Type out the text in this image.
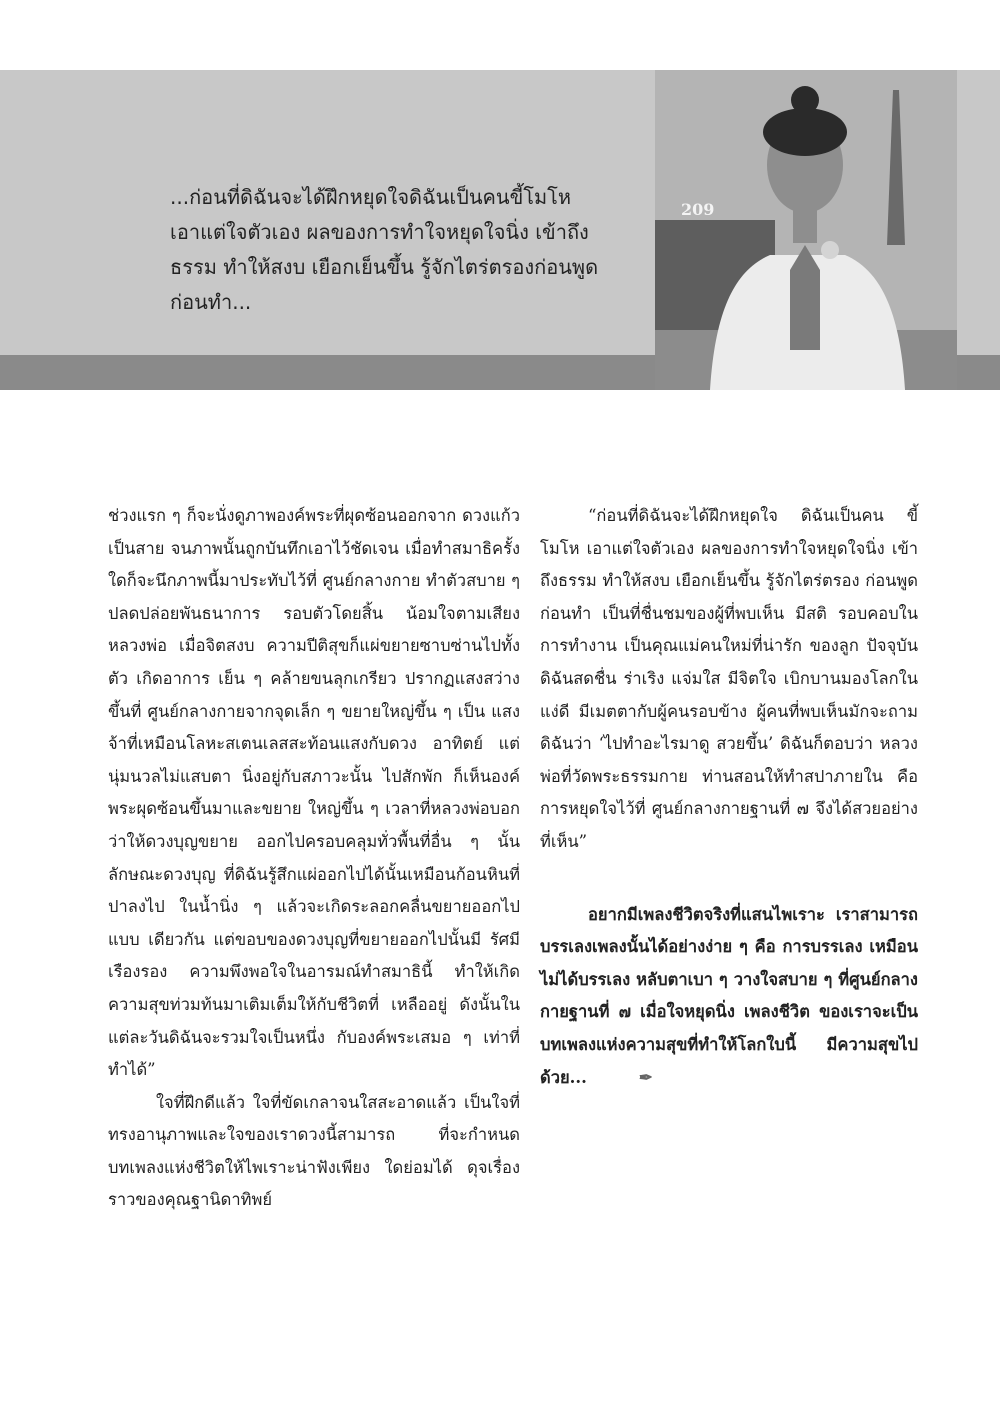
...ก่อนที่ดิฉันจะได้ฝึกหยุดใจดิฉันเป็นคนขี้โมโห
เอาแต่ใจตัวเอง ผลของการทำใจหยุดใจนิ่ง เข้าถึง
ธรรม ทำให้สงบ เยือกเย็นขึ้น รู้จักไตร่ตรองก่อนพูด
ก่อนทำ...
209

ช่วงแรก ๆ ก็จะนั่งดูภาพองค์พระที่ผุดซ้อนออกจาก ดวงแก้วเป็นสาย จนภาพนั้นถูกบันทึกเอาไว้ชัดเจน เมื่อทำสมาธิครั้งใดก็จะนึกภาพนี้มาประทับไว้ที่ ศูนย์กลางกาย ทำตัวสบาย ๆ ปลดปล่อยพันธนาการ รอบตัวโดยสิ้น น้อมใจตามเสียงหลวงพ่อ เมื่อจิตสงบ ความปีติสุขก็แผ่ขยายซาบซ่านไปทั้งตัว เกิดอาการ เย็น ๆ คล้ายขนลุกเกรียว ปรากฏแสงสว่างขึ้นที่ ศูนย์กลางกายจากจุดเล็ก ๆ ขยายใหญ่ขึ้น ๆ เป็น แสงจ้าที่เหมือนโลหะสเตนเลสสะท้อนแสงกับดวง อาทิตย์ แต่นุ่มนวลไม่แสบตา นิ่งอยู่กับสภาวะนั้น ไปสักพัก ก็เห็นองค์พระผุดซ้อนขึ้นมาและขยาย ใหญ่ขึ้น ๆ เวลาที่หลวงพ่อบอกว่าให้ดวงบุญขยาย ออกไปครอบคลุมทั่วพื้นที่อื่น ๆ นั้น ลักษณะดวงบุญ ที่ดิฉันรู้สึกแผ่ออกไปได้นั้นเหมือนก้อนหินที่ปาลงไป ในน้ำนิ่ง ๆ แล้วจะเกิดระลอกคลื่นขยายออกไปแบบ เดียวกัน แต่ขอบของดวงบุญที่ขยายออกไปนั้นมี รัศมีเรืองรอง ความพึงพอใจในอารมณ์ทำสมาธินี้ ทำให้เกิดความสุขท่วมท้นมาเติมเต็มให้กับชีวิตที่ เหลืออยู่ ดังนั้นในแต่ละวันดิฉันจะรวมใจเป็นหนึ่ง กับองค์พระเสมอ ๆ เท่าที่ทำได้”

ใจที่ฝึกดีแล้ว ใจที่ขัดเกลาจนใสสะอาดแล้ว เป็นใจที่ทรงอานุภาพและใจของเราดวงนี้สามารถ	ที่จะกำหนดบทเพลงแห่งชีวิตให้ไพเราะน่าฟังเพียง ใดย่อมได้ ดุจเรื่องราวของคุณฐานิดาทิพย์

“ก่อนที่ดิฉันจะได้ฝึกหยุดใจ ดิฉันเป็นคน ขี้โมโห เอาแต่ใจตัวเอง ผลของการทำใจหยุดใจนิ่ง เข้าถึงธรรม ทำให้สงบ เยือกเย็นขึ้น รู้จักไตร่ตรอง ก่อนพูด ก่อนทำ เป็นที่ชื่นชมของผู้ที่พบเห็น มีสติ รอบคอบในการทำงาน เป็นคุณแม่คนใหม่ที่น่ารัก ของลูก ปัจจุบันดิฉันสดชื่น ร่าเริง แจ่มใส มีจิตใจ เบิกบานมองโลกในแง่ดี มีเมตตากับผู้คนรอบข้าง ผู้คนที่พบเห็นมักจะถามดิฉันว่า ‘ไปทำอะไรมาดู สวยขึ้น’ ดิฉันก็ตอบว่า หลวงพ่อที่วัดพระธรรมกาย ท่านสอนให้ทำสปาภายใน คือ การหยุดใจไว้ที่ ศูนย์กลางกายฐานที่ ๗ จึงได้สวยอย่างที่เห็น”

อยากมีเพลงชีวิตจริงที่แสนไพเราะ เราสามารถ บรรเลงเพลงนั้นได้อย่างง่าย ๆ คือ การบรรเลง เหมือนไม่ได้บรรเลง หลับตาเบา ๆ วางใจสบาย ๆ ที่ศูนย์กลางกายฐานที่ ๗ เมื่อใจหยุดนิ่ง เพลงชีวิต ของเราจะเป็นบทเพลงแห่งความสุขที่ทำให้โลกใบนี้ มีความสุขไปด้วย...	✒
